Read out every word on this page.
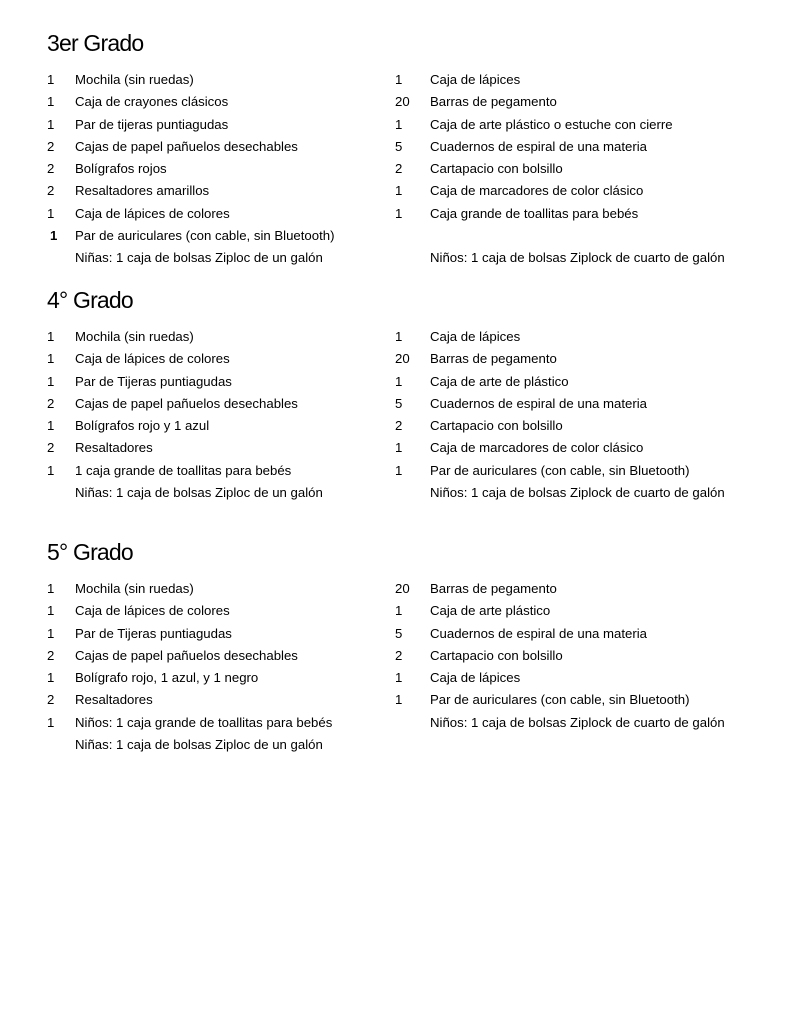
3er Grado
1	Mochila (sin ruedas)
1	Caja de crayones clásicos
1	Par de tijeras puntiagudas
2	Cajas de papel pañuelos desechables
2	Bolígrafos rojos
2	Resaltadores amarillos
1	Caja de lápices de colores
1	Par de auriculares (con cable, sin Bluetooth)
Niñas: 1 caja de bolsas Ziploc de un galón
1	Caja de lápices
20	Barras de pegamento
1	Caja de arte plástico o estuche con cierre
5	Cuadernos de espiral de una materia
2	Cartapacio con bolsillo
1	Caja de marcadores de color clásico
1	Caja grande de toallitas para bebés
Niños: 1 caja de bolsas Ziplock de cuarto de galón
4° Grado
1	Mochila (sin ruedas)
1	Caja de lápices de colores
1	Par de Tijeras puntiagudas
2	Cajas de papel pañuelos desechables
1	Bolígrafos rojo y 1 azul
2	Resaltadores
1	1 caja grande de toallitas para bebés
Niñas: 1 caja de bolsas Ziploc de un galón
1	Caja de lápices
20	Barras de pegamento
1	Caja de arte de plástico
5	Cuadernos de espiral de una materia
2	Cartapacio con bolsillo
1	Caja de marcadores de color clásico
1	Par de auriculares (con cable, sin Bluetooth)
Niños: 1 caja de bolsas Ziplock de cuarto de galón
5° Grado
1	Mochila (sin ruedas)
1	Caja de lápices de colores
1	Par de Tijeras puntiagudas
2	Cajas de papel pañuelos desechables
1	Bolígrafo rojo, 1 azul, y 1 negro
2	Resaltadores
1	Niños: 1 caja grande de toallitas para bebés
Niñas: 1 caja de bolsas Ziploc de un galón
20	Barras de pegamento
1	Caja de arte plástico
5	Cuadernos de espiral de una materia
2	Cartapacio con bolsillo
1	Caja de lápices
1	Par de auriculares (con cable, sin Bluetooth)
Niños: 1 caja de bolsas Ziplock de cuarto de galón
